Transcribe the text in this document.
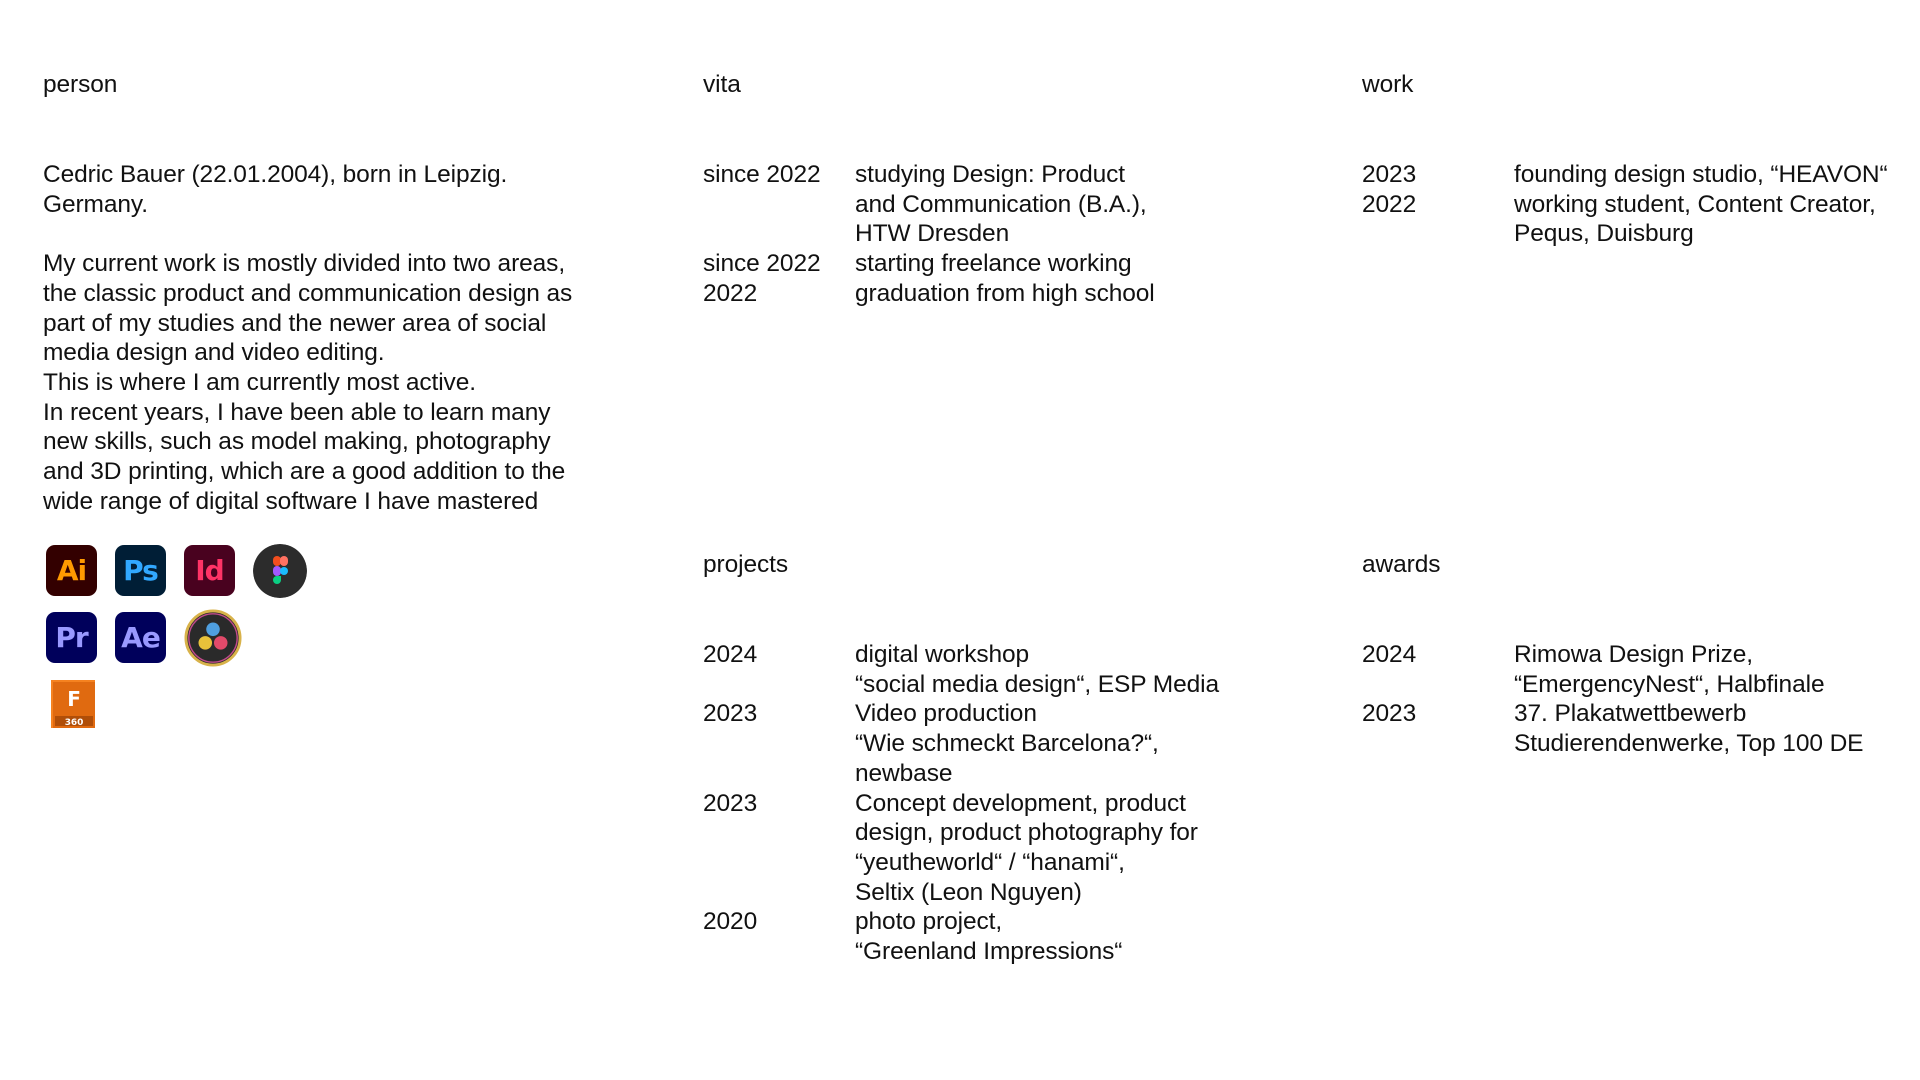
person

Cedric Bauer (22.01.2004), born in Leipzig.
Germany.

My current work is mostly divided into two areas,
the classic product and communication design as
part of my studies and the newer area of social
media design and video editing.
This is where I am currently most active.

In recent years, I have been able to learn many
new skills, such as model making, photography
and 3D printing, which are a good addition to the
wide range of digital software I have mastered

Ai	Ps	Id
Pr	Ae
F
360
vita
since 2022	studying Design: Product
and Communication (B.A.),
HTW Dresden
since 2022	starting freelance working
2022	graduation from high school
projects
2024	digital workshop
“social media design“, ESP Media
2023	Video production
“Wie schmeckt Barcelona?“,
newbase
2023	Concept development, product
design, product photography for
“yeutheworld“ / “hanami“,
Seltix (Leon Nguyen)
2020	photo project,
“Greenland Impressions“
work
2023	founding design studio, “HEAVON“
2022	working student, Content Creator,
Pequs, Duisburg
awards
2024	Rimowa Design Prize,
“EmergencyNest“, Halbfinale
2023	37. Plakatwettbewerb
Studierendenwerke, Top 100 DE
